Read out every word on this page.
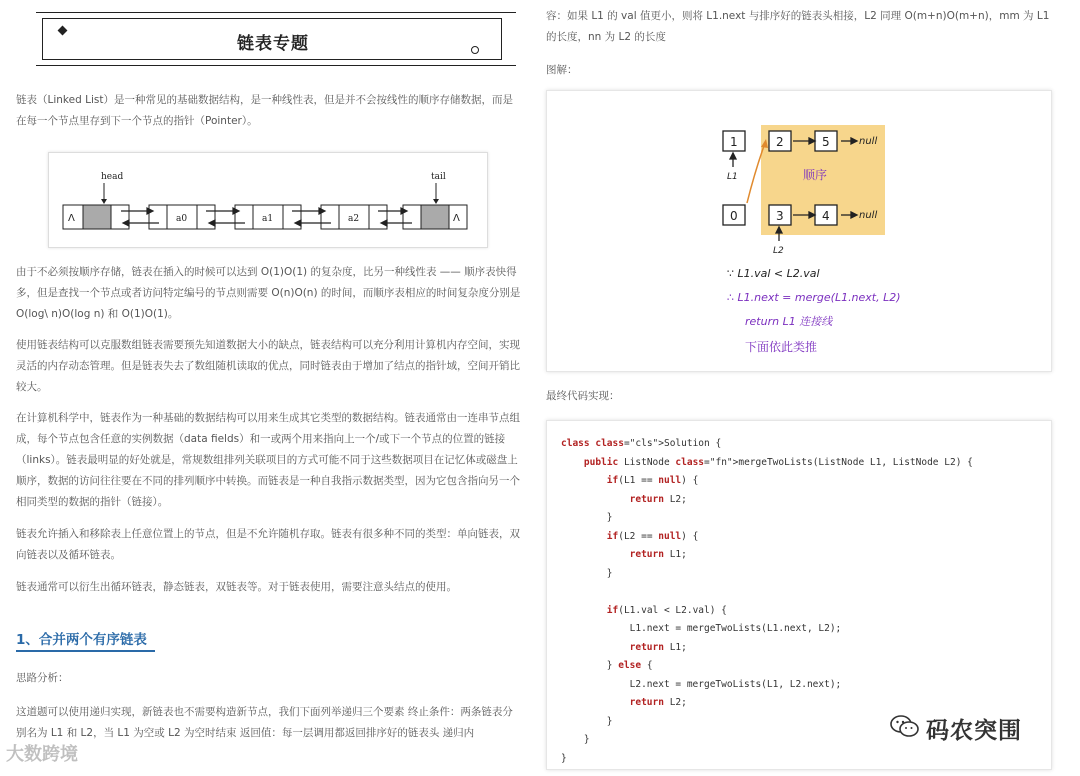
链表专题

链表（Linked List）是一种常见的基础数据结构，是一种线性表，但是并不会按线性的顺序存储数据，而是在每一个节点里存到下一个节点的指针（Pointer）。

head	tail
Λ	a0	a1	a2	Λ

由于不必须按顺序存储，链表在插入的时候可以达到 O(1)O(1) 的复杂度，比另一种线性表 —— 顺序表快得多，但是查找一个节点或者访问特定编号的节点则需要 O(n)O(n) 的时间，而顺序表相应的时间复杂度分别是 O(log\ n)O(log n) 和 O(1)O(1)。

使用链表结构可以克服数组链表需要预先知道数据大小的缺点，链表结构可以充分利用计算机内存空间，实现灵活的内存动态管理。但是链表失去了数组随机读取的优点，同时链表由于增加了结点的指针域，空间开销比较大。

在计算机科学中，链表作为一种基础的数据结构可以用来生成其它类型的数据结构。链表通常由一连串节点组成，每个节点包含任意的实例数据（data fields）和一或两个用来指向上一个/或下一个节点的位置的链接（links）。链表最明显的好处就是，常规数组排列关联项目的方式可能不同于这些数据项目在记忆体或磁盘上顺序，数据的访问往往要在不同的排列顺序中转换。而链表是一种自我指示数据类型，因为它包含指向另一个相同类型的数据的指针（链接）。

链表允许插入和移除表上任意位置上的节点，但是不允许随机存取。链表有很多种不同的类型：单向链表，双向链表以及循环链表。

链表通常可以衍生出循环链表，静态链表，双链表等。对于链表使用，需要注意头结点的使用。

1、合并两个有序链表

思路分析：

这道题可以使用递归实现，新链表也不需要构造新节点，我们下面列举递归三个要素 终止条件：两条链表分别名为 L1 和 L2，当 L1 为空或 L2 为空时结束 返回值：每一层调用都返回排序好的链表头 递归内

大数跨境

容：如果 L1 的 val 值更小，则将 L1.next 与排序好的链表头相接，L2 同理 O(m+n)O(m+n)，mm 为 L1的长度，nn 为 L2 的长度

图解：

1	2	5
0	3	4
null
null
L1
L2
顺序
∵ L1.val < L2.val
∴ L1.next = merge(L1.next, L2)
return L1 连接线
下面依此类推

最终代码实现：

class class="cls">Solution {
public ListNode class="fn">mergeTwoLists(ListNode L1, ListNode L2) {
if(L1 == null) {
return L2;
}
if(L2 == null) {
return L1;
}

if(L1.val < L2.val) {
L1.next = mergeTwoLists(L1.next, L2);
return L1;
} else {
L2.next = mergeTwoLists(L1, L2.next);
return L2;
}
}
}
码农突围
